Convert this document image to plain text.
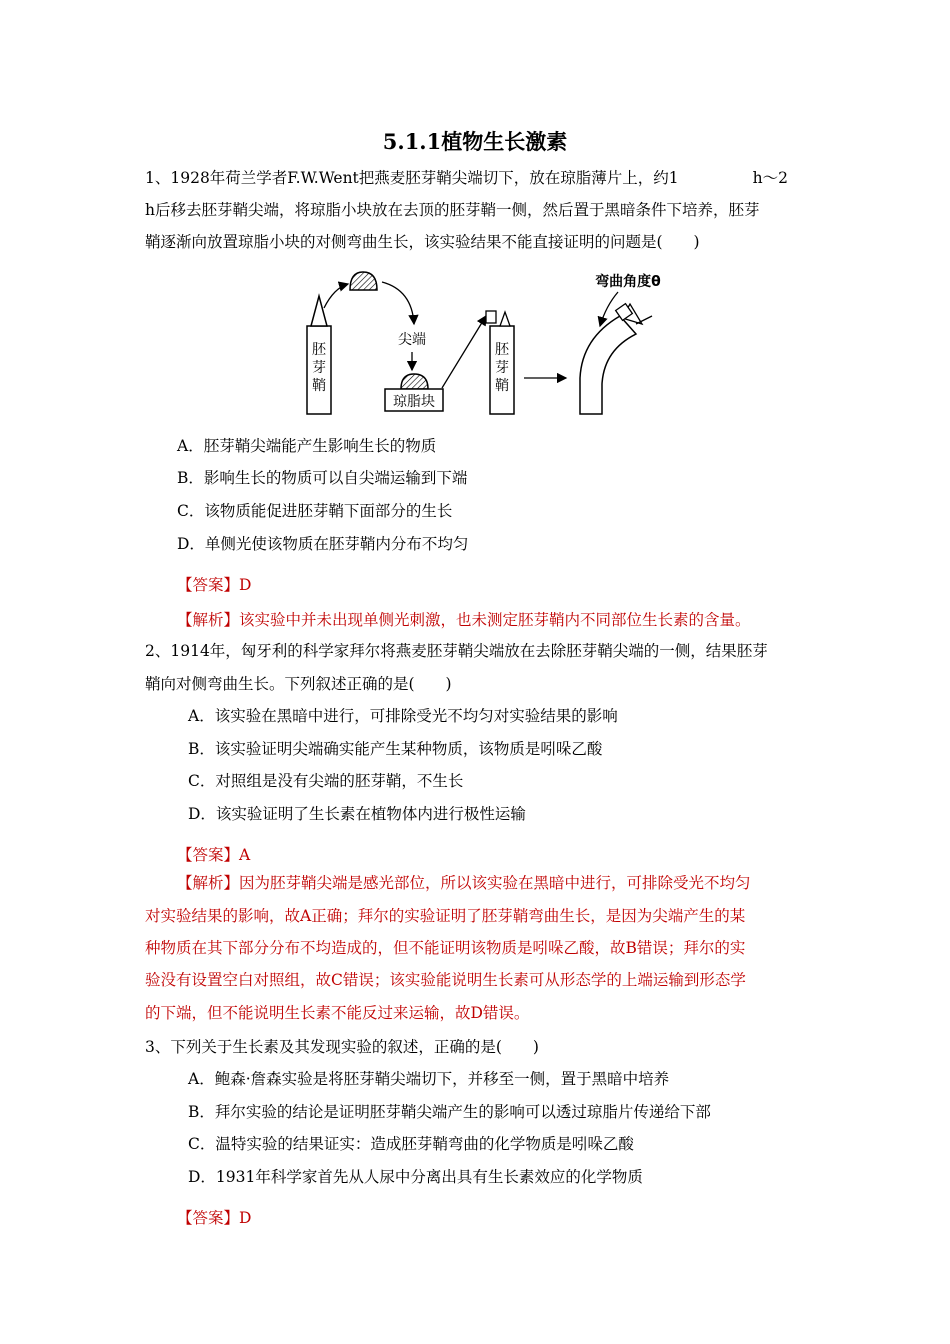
5.1.1植物生长激素
1、1928年荷兰学者F.W.Went把燕麦胚芽鞘尖端切下，放在琼脂薄片上，约1	h～2
h后移去胚芽鞘尖端，将琼脂小块放在去顶的胚芽鞘一侧，然后置于黑暗条件下培养，胚芽
鞘逐渐向放置琼脂小块的对侧弯曲生长，该实验结果不能直接证明的问题是(　　)
胚
芽
鞘
尖端
琼脂块
胚
芽
鞘
弯曲角度θ
A．胚芽鞘尖端能产生影响生长的物质
B．影响生长的物质可以自尖端运输到下端
C．该物质能促进胚芽鞘下面部分的生长
D．单侧光使该物质在胚芽鞘内分布不均匀
【答案】D
【解析】该实验中并未出现单侧光刺激，也未测定胚芽鞘内不同部位生长素的含量。
2、1914年，匈牙利的科学家拜尔将燕麦胚芽鞘尖端放在去除胚芽鞘尖端的一侧，结果胚芽
鞘向对侧弯曲生长。下列叙述正确的是(　　)
A．该实验在黑暗中进行，可排除受光不均匀对实验结果的影响
B．该实验证明尖端确实能产生某种物质，该物质是吲哚乙酸
C．对照组是没有尖端的胚芽鞘，不生长
D．该实验证明了生长素在植物体内进行极性运输
【答案】A
【解析】因为胚芽鞘尖端是感光部位，所以该实验在黑暗中进行，可排除受光不均匀
对实验结果的影响，故A正确；拜尔的实验证明了胚芽鞘弯曲生长，是因为尖端产生的某
种物质在其下部分分布不均造成的，但不能证明该物质是吲哚乙酸，故B错误；拜尔的实
验没有设置空白对照组，故C错误；该实验能说明生长素可从形态学的上端运输到形态学
的下端，但不能说明生长素不能反过来运输，故D错误。
3、下列关于生长素及其发现实验的叙述，正确的是(　　)
A．鲍森·詹森实验是将胚芽鞘尖端切下，并移至一侧，置于黑暗中培养
B．拜尔实验的结论是证明胚芽鞘尖端产生的影响可以透过琼脂片传递给下部
C．温特实验的结果证实：造成胚芽鞘弯曲的化学物质是吲哚乙酸
D．1931年科学家首先从人尿中分离出具有生长素效应的化学物质
【答案】D
